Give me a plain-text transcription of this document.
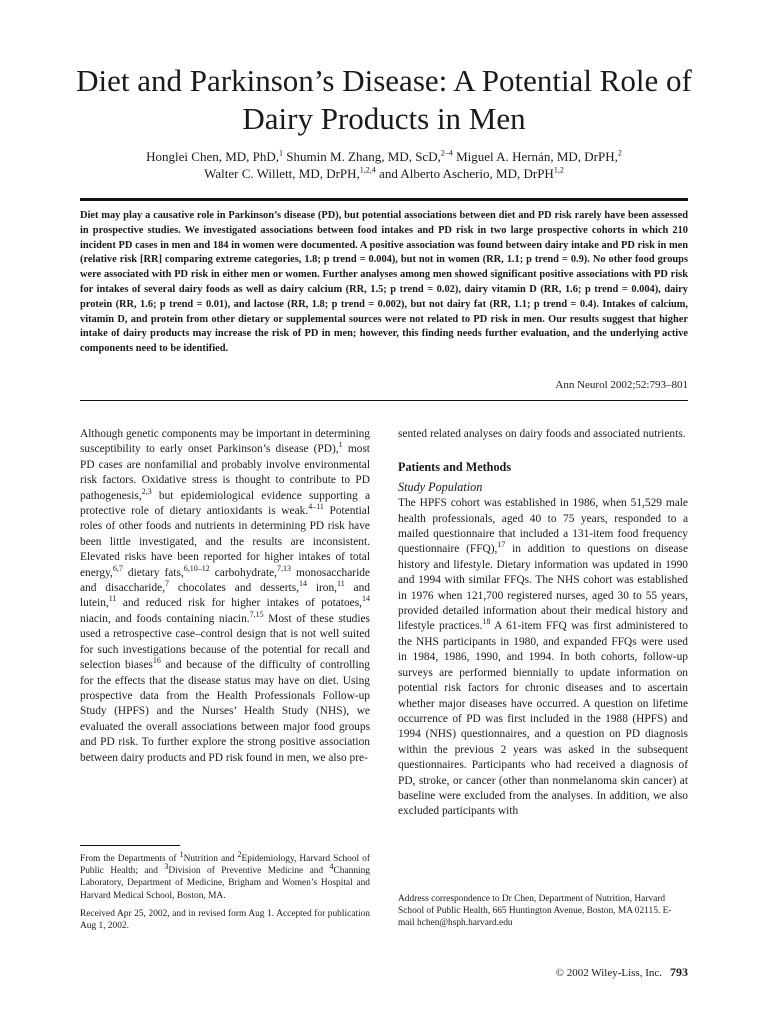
Diet and Parkinson’s Disease: A Potential Role of Dairy Products in Men
Honglei Chen, MD, PhD,$^1$ Shumin M. Zhang, MD, ScD,$^{2-4}$ Miguel A. Hernán, MD, DrPH,$^2$
Walter C. Willett, MD, DrPH,$^{1,2,4}$ and Alberto Ascherio, MD, DrPH$^{1,2}$

Diet may play a causative role in Parkinson’s disease (PD), but potential associations between diet and PD risk rarely have been assessed in prospective studies. We investigated associations between food intakes and PD risk in two large prospective cohorts in which 210 incident PD cases in men and 184 in women were documented. A positive association was found between dairy intake and PD risk in men (relative risk [RR] comparing extreme categories, 1.8; p trend = 0.004), but not in women (RR, 1.1; p trend = 0.9). No other food groups were associated with PD risk in either men or women. Further analyses among men showed significant positive associations with PD risk for intakes of several dairy foods as well as dairy calcium (RR, 1.5; p trend = 0.02), dairy vitamin D (RR, 1.6; p trend = 0.004), dairy protein (RR, 1.6; p trend = 0.01), and lactose (RR, 1.8; p trend = 0.002), but not dairy fat (RR, 1.1; p trend = 0.4). Intakes of calcium, vitamin D, and protein from other dietary or supplemental sources were not related to PD risk in men. Our results suggest that higher intake of dairy products may increase the risk of PD in men; however, this finding needs further evaluation, and the underlying active components need to be identified.

Ann Neurol 2002;52:793–801

Although genetic components may be important in determining susceptibility to early onset Parkinson’s disease (PD),$^1$ most PD cases are nonfamilial and probably involve environmental risk factors. Oxidative stress is thought to contribute to PD pathogenesis,$^{2,3}$ but epidemiological evidence supporting a protective role of dietary antioxidants is weak.$^{4-11}$ Potential roles of other foods and nutrients in determining PD risk have been little investigated, and the results are inconsistent. Elevated risks have been reported for higher intakes of total energy,$^{6,7}$ dietary fats,$^{6,10-12}$ carbohydrate,$^{7,13}$ monosaccharide and disaccharide,$^7$ chocolates and desserts,$^{14}$ iron,$^{11}$ and lutein,$^{11}$ and reduced risk for higher intakes of potatoes,$^{14}$ niacin, and foods containing niacin.$^{7,15}$ Most of these studies used a retrospective case–control design that is not well suited for such investigations because of the potential for recall and selection biases$^{16}$ and because of the difficulty of controlling for the effects that the disease status may have on diet. Using prospective data from the Health Professionals Follow-up Study (HPFS) and the Nurses’ Health Study (NHS), we evaluated the overall associations between major food groups and PD risk. To further explore the strong positive association between dairy products and PD risk found in men, we also pre-

sented related analyses on dairy foods and associated nutrients.

Patients and Methods

Study Population

The HPFS cohort was established in 1986, when 51,529 male health professionals, aged 40 to 75 years, responded to a mailed questionnaire that included a 131-item food frequency questionnaire (FFQ),$^{17}$ in addition to questions on disease history and lifestyle. Dietary information was updated in 1990 and 1994 with similar FFQs. The NHS cohort was established in 1976 when 121,700 registered nurses, aged 30 to 55 years, provided detailed information about their medical history and lifestyle practices.$^{18}$ A 61-item FFQ was first administered to the NHS participants in 1980, and expanded FFQs were used in 1984, 1986, 1990, and 1994. In both cohorts, follow-up surveys are performed biennially to update information on potential risk factors for chronic diseases and to ascertain whether major diseases have occurred. A question on lifetime occurrence of PD was first included in the 1988 (HPFS) and 1994 (NHS) questionnaires, and a question on PD diagnosis within the previous 2 years was asked in the subsequent questionnaires. Participants who had received a diagnosis of PD, stroke, or cancer (other than nonmelanoma skin cancer) at baseline were excluded from the analyses. In addition, we also excluded participants with

From the Departments of $^1$Nutrition and $^2$Epidemiology, Harvard School of Public Health; and $^3$Division of Preventive Medicine and $^4$Channing Laboratory, Department of Medicine, Brigham and Women’s Hospital and Harvard Medical School, Boston, MA.

Received Apr 25, 2002, and in revised form Aug 1. Accepted for publication Aug 1, 2002.

Address correspondence to Dr Chen, Department of Nutrition, Harvard School of Public Health, 665 Huntington Avenue, Boston, MA 02115. E-mail hchen@hsph.harvard.edu

© 2002 Wiley-Liss, Inc. 793
